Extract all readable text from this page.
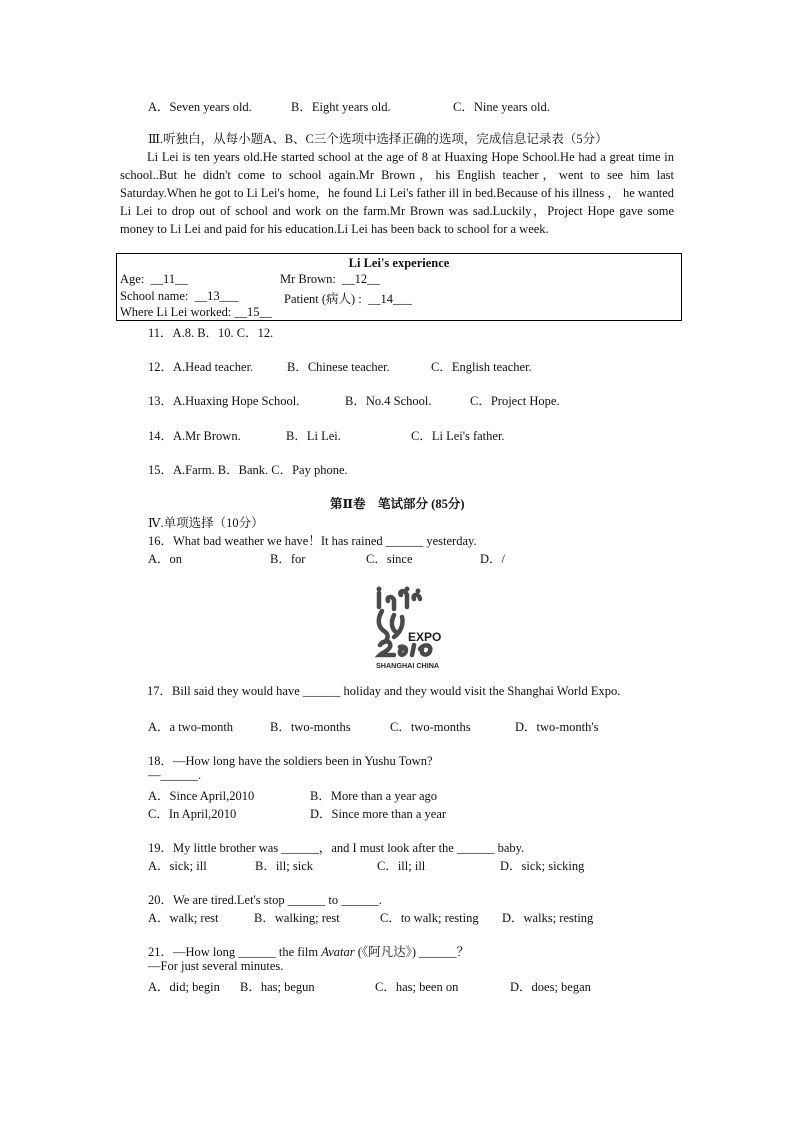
A．Seven years old.	B．Eight years old.	C．Nine years old.
Ⅲ.听独白，从每小题A、B、C三个选项中选择正确的选项，完成信息记录表（5分）
Li Lei is ten years old.He started school at the age of 8 at Huaxing Hope School.He had a great time in school..But he didn't come to school again.Mr Brown，his English teacher，went to see him last Saturday.When he got to Li Lei's home，he found Li Lei's father ill in bed.Because of his illness ， he wanted Li Lei to drop out of school and work on the farm.Mr Brown was sad.Luckily，Project Hope gave some money to Li Lei and paid for his education.Li Lei has been back to school for a week.
Li Lei's experience
Age:  __11__	Mr Brown:  __12__
School name:  __13___	Patient (病人) :  __14___
Where Li Lei worked: __15__
11．A.8. B．10. C．12.
12．A.Head teacher.	B．Chinese teacher.	C．English teacher.
13．A.Huaxing Hope School.	B．No.4 School.	C．Project Hope.
14．A.Mr Brown.	B．Li Lei.	C．Li Lei's father.
15．A.Farm. B．Bank. C．Pay phone.
第Ⅱ卷　笔试部分 (85分)
Ⅳ.单项选择（10分）
16．What bad weather we have！It has rained ______ yesterday.
A．on	B．for	C．since	D．/
EXPO
SHANGHAI CHINA
17．Bill said they would have ______ holiday and they would visit the Shanghai World Expo.
A．a two-month	B．two-months	C．two-months	D．two-month's
18．—How long have the soldiers been in Yushu Town?
—______.
A．Since April,2010	B．More than a year ago
C．In April,2010	D．Since more than a year
19．My little brother was ______，and I must look after the ______ baby.
A．sick; ill	B．ill; sick	C．ill; ill	D．sick; sicking
20．We are tired.Let's stop ______ to ______.
A．walk; rest	B．walking; rest	C．to walk; resting D．walks; resting
21．—How long ______ the film Avatar (《阿凡达》) ______？
—For just several minutes.
A．did; begin B．has; begun	C．has; been on	D．does; began
